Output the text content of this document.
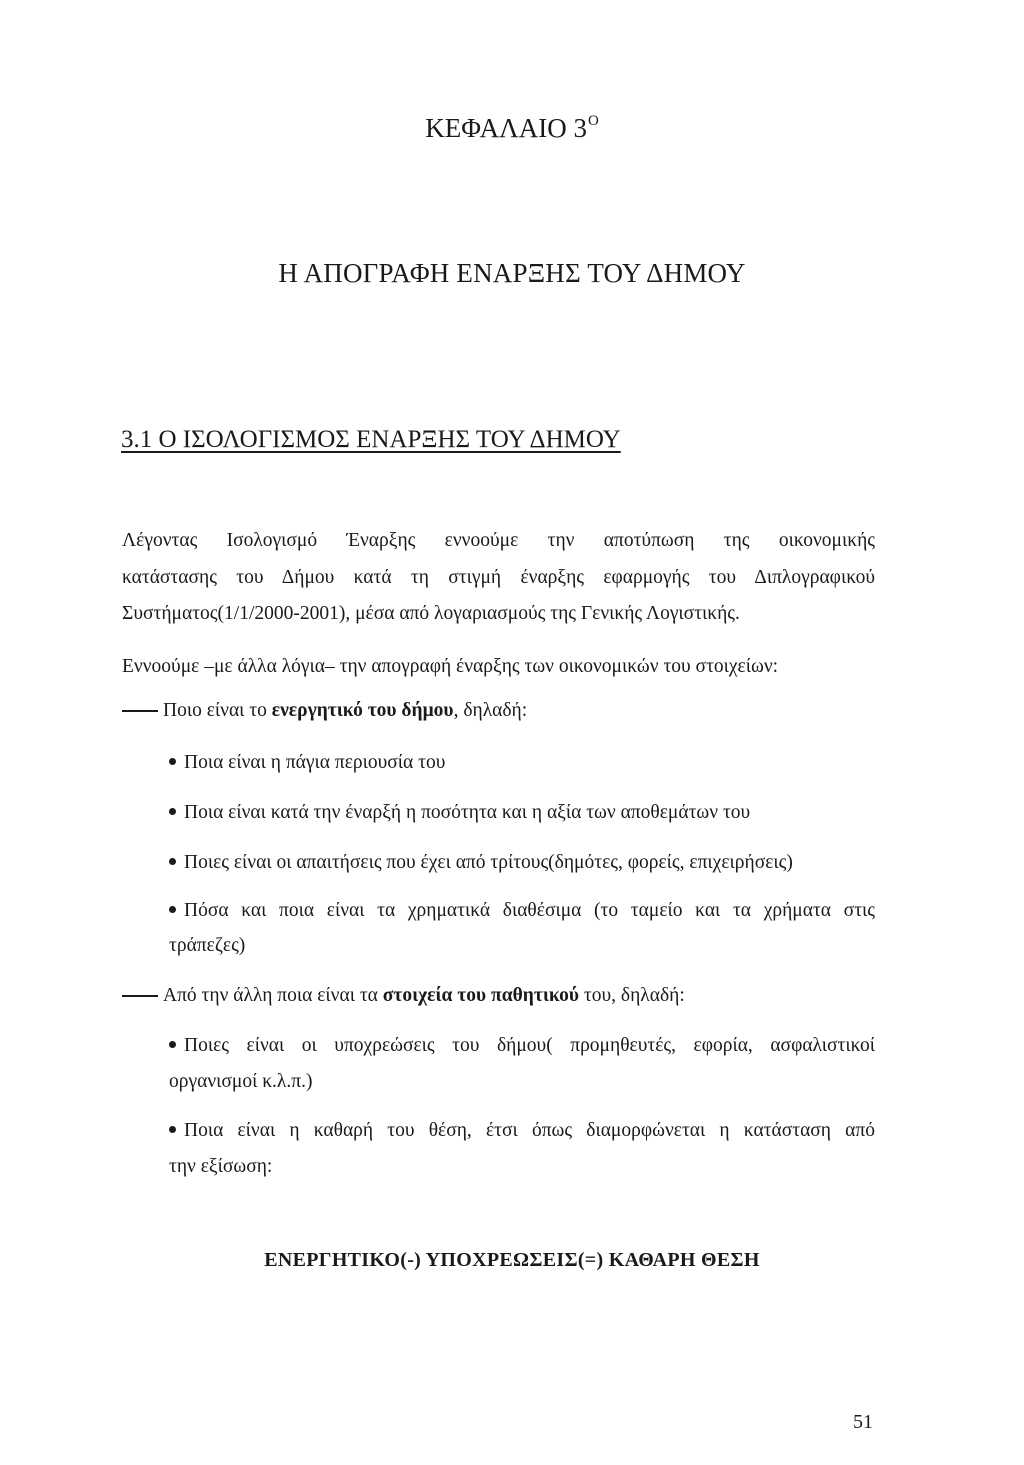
ΚΕΦΑΛΑΙΟ $3^O$
Η ΑΠΟΓΡΑΦΗ ΕΝΑΡΞΗΣ ΤΟΥ ΔΗΜΟΥ
3.1 Ο ΙΣΟΛΟΓΙΣΜΟΣ ΕΝΑΡΞΗΣ ΤΟΥ ΔΗΜΟΥ
Λέγοντας Ισολογισμό Έναρξης εννοούμε την αποτύπωση της οικονομικής
κατάστασης του Δήμου κατά τη στιγμή έναρξης εφαρμογής του Διπλογραφικού
Συστήματος(1/1/2000-2001), μέσα από λογαριασμούς της Γενικής Λογιστικής.
Εννοούμε –με άλλα λόγια– την απογραφή έναρξης των οικονομικών του στοιχείων:
Ποιο είναι το ενεργητικό του δήμου, δηλαδή:
Ποια είναι η πάγια περιουσία του
Ποια είναι κατά την έναρξή η ποσότητα και η αξία των αποθεμάτων του
Ποιες είναι οι απαιτήσεις που έχει από τρίτους(δημότες, φορείς, επιχειρήσεις)
Πόσα και ποια είναι τα χρηματικά διαθέσιμα (το ταμείο και τα χρήματα στις
τράπεζες)
Από την άλλη ποια είναι τα στοιχεία του παθητικού του, δηλαδή:
Ποιες είναι οι υποχρεώσεις του δήμου( προμηθευτές, εφορία, ασφαλιστικοί
οργανισμοί κ.λ.π.)
Ποια είναι η καθαρή του θέση, έτσι όπως διαμορφώνεται η κατάσταση από
την εξίσωση:
ΕΝΕΡΓΗΤΙΚΟ(-) ΥΠΟΧΡΕΩΣΕΙΣ(=) ΚΑΘΑΡΗ ΘΕΣΗ
51
